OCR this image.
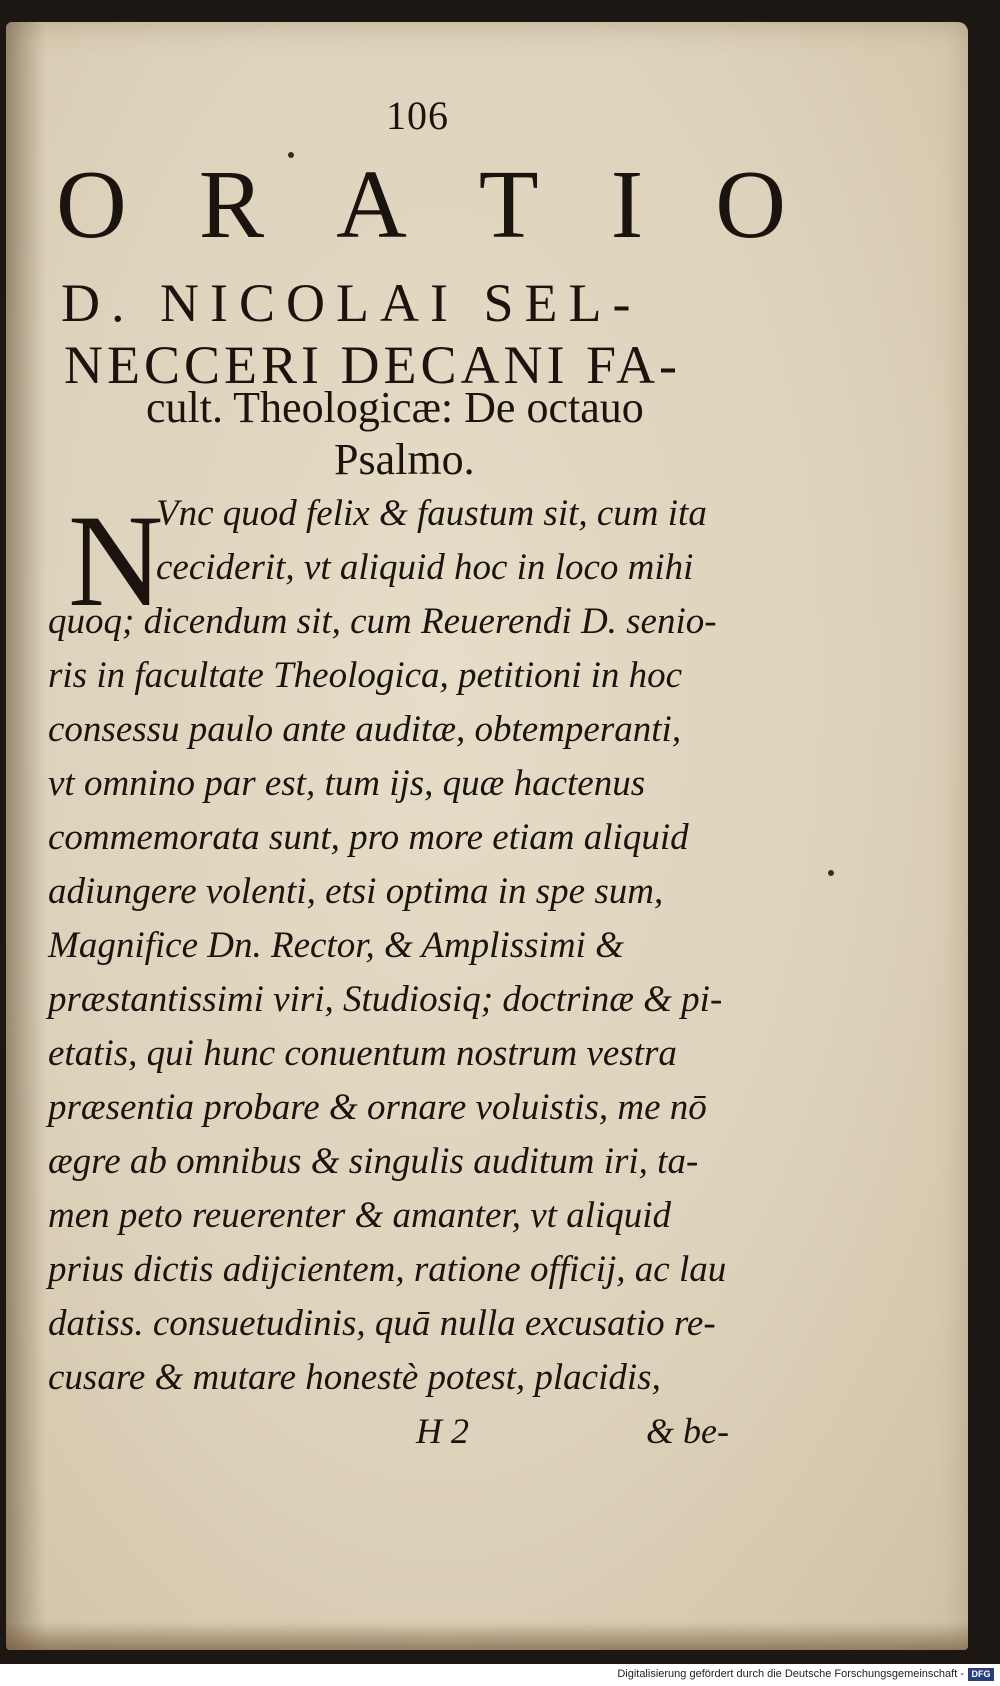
106
O R A T I O
D. NICOLAI SEL-
NECCERI DECANI FA-
cult. Theologicæ: De octauo
Psalmo.
N
Vnc quod felix & faustum sit, cum ita
ceciderit, vt aliquid hoc in loco mihi
quoq; dicendum sit, cum Reuerendi D. senio-
ris in facultate Theologica, petitioni in hoc
consessu paulo ante auditæ, obtemperanti,
vt omnino par est, tum ijs, quæ hactenus
commemorata sunt, pro more etiam aliquid
adiungere volenti, etsi optima in spe sum,
Magnifice Dn. Rector, & Amplissimi &
præstantissimi viri, Studiosiq; doctrinæ & pi-
etatis, qui hunc conuentum nostrum vestra
præsentia probare & ornare voluistis, me nō
ægre ab omnibus & singulis auditum iri, ta-
men peto reuerenter & amanter, vt aliquid
prius dictis adijcientem, ratione officij, ac lau
datiss. consuetudinis, quā nulla excusatio re-
cusare & mutare honestè potest, placidis,
H 2	& be-
Digitalisierung gefördert durch die Deutsche Forschungsgemeinschaft - DFG
